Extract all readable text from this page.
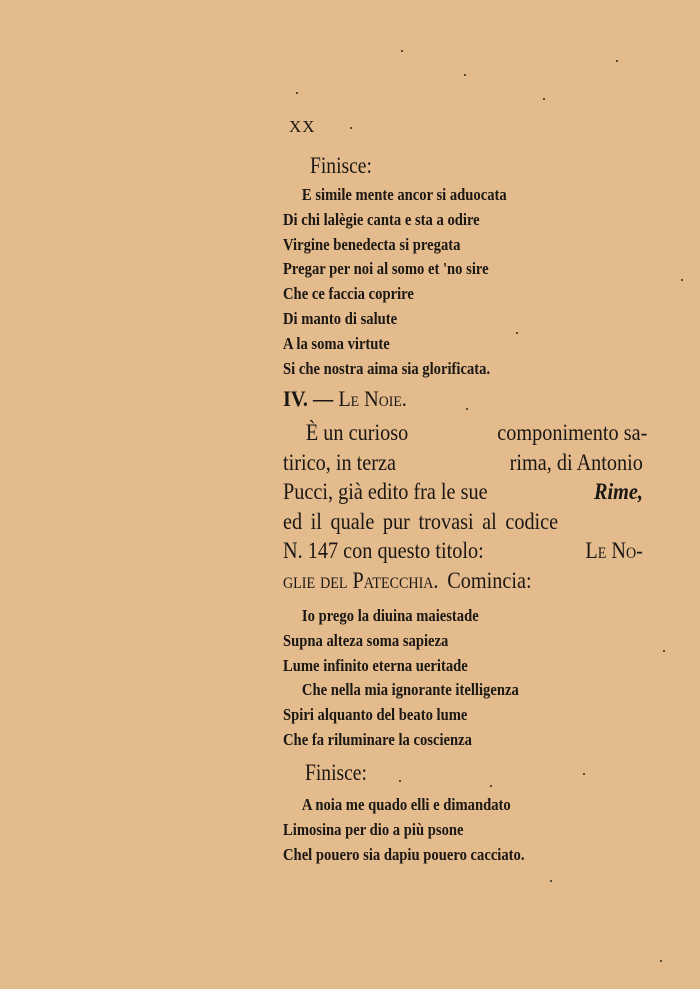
XX
Finisce:
E simile mente ancor si aduocata
Di chi lalègie canta e sta a odire
Virgine benedecta si pregata
Pregar per noi al somo et 'no sire
Che ce faccia coprire
Di manto di salute
A la soma virtute
Si che nostra aima sia glorificata.
IV. — Le Noie.
È un curioso	componimento sa-
tirico, in terza	rima, di Antonio
Pucci, già edito fra le sue	Rime,
ed il quale pur trovasi al codice
N. 147 con questo titolo:	Le No-
glie del Patecchia. Comincia:
Io prego la diuina maiestade
Supna alteza soma sapieza
Lume infinito eterna ueritade
Che nella mia ignorante itelligenza
Spiri alquanto del beato lume
Che fa riluminare la coscienza
Finisce:
A noia me quado elli e dimandato
Limosina per dio a più psone
Chel pouero sia dapiu pouero cacciato.
